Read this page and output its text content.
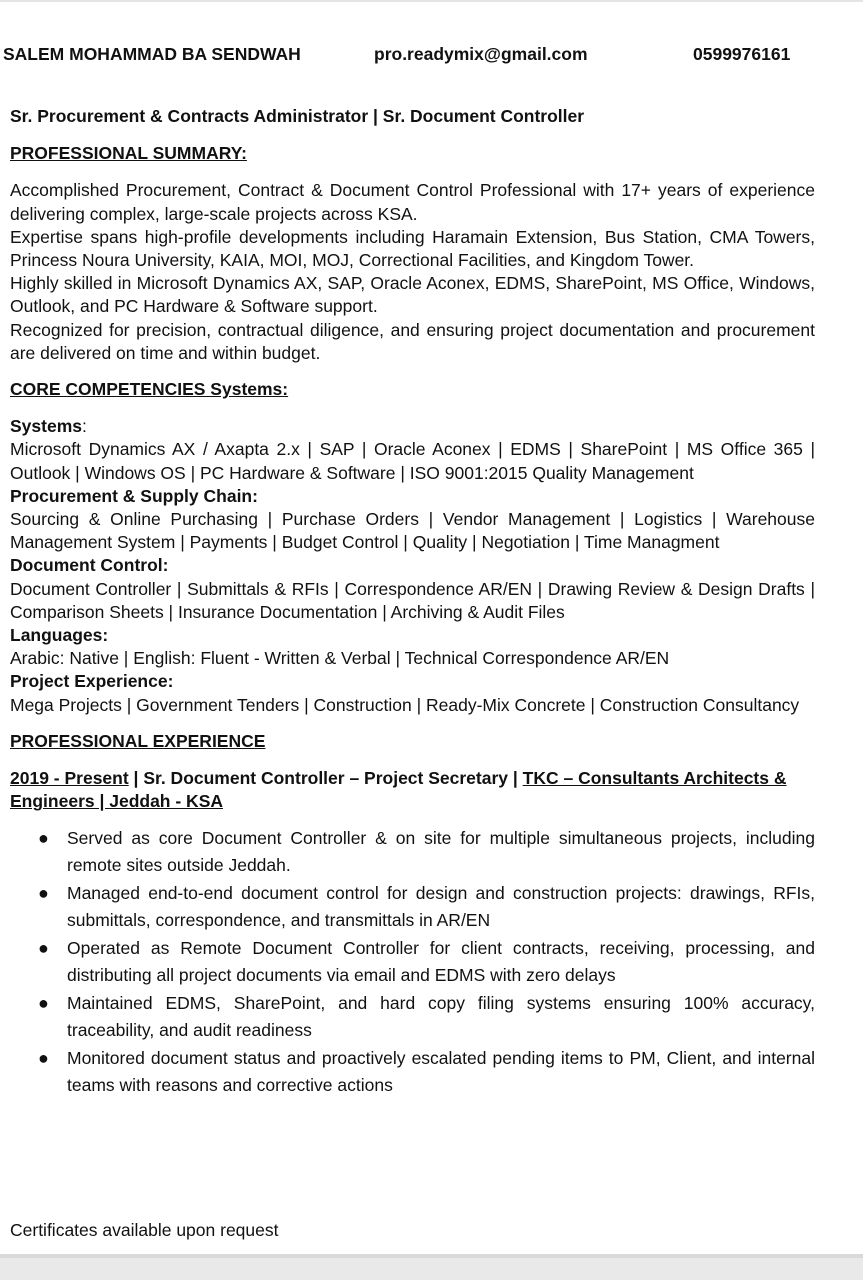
SALEM MOHAMMAD BA SENDWAH	pro.readymix@gmail.com	0599976161
Sr. Procurement & Contracts Administrator | Sr. Document Controller
PROFESSIONAL SUMMARY:

Accomplished Procurement, Contract & Document Control Professional with 17+ years of experience delivering complex, large-scale projects across KSA.

Expertise spans high-profile developments including Haramain Extension, Bus Station, CMA Towers, Princess Noura University, KAIA, MOI, MOJ, Correctional Facilities, and Kingdom Tower.

Highly skilled in Microsoft Dynamics AX, SAP, Oracle Aconex, EDMS, SharePoint, MS Office, Windows, Outlook, and PC Hardware & Software support.

Recognized for precision, contractual diligence, and ensuring project documentation and procurement are delivered on time and within budget.

CORE COMPETENCIES Systems:
Systems:

Microsoft Dynamics AX / Axapta 2.x | SAP | Oracle Aconex | EDMS | SharePoint | MS Office 365 | Outlook | Windows OS | PC Hardware & Software | ISO 9001:2015 Quality Management

Procurement & Supply Chain:

Sourcing & Online Purchasing | Purchase Orders | Vendor Management | Logistics | Warehouse Management System | Payments | Budget Control | Quality | Negotiation | Time Managment

Document Control:

Document Controller | Submittals & RFIs | Correspondence AR/EN | Drawing Review & Design Drafts | Comparison Sheets | Insurance Documentation | Archiving & Audit Files

Languages:

Arabic: Native | English: Fluent - Written & Verbal | Technical Correspondence AR/EN

Project Experience:

Mega Projects | Government Tenders | Construction | Ready-Mix Concrete | Construction Consultancy

PROFESSIONAL EXPERIENCE
2019 - Present | Sr. Document Controller – Project Secretary | TKC – Consultants Architects & Engineers | Jeddah - KSA
● Served as core Document Controller & on site for multiple simultaneous projects, including remote sites outside Jeddah.
● Managed end-to-end document control for design and construction projects: drawings, RFIs, submittals, correspondence, and transmittals in AR/EN
● Operated as Remote Document Controller for client contracts, receiving, processing, and distributing all project documents via email and EDMS with zero delays
● Maintained EDMS, SharePoint, and hard copy filing systems ensuring 100% accuracy, traceability, and audit readiness
● Monitored document status and proactively escalated pending items to PM, Client, and internal teams with reasons and corrective actions
Certificates available upon request
